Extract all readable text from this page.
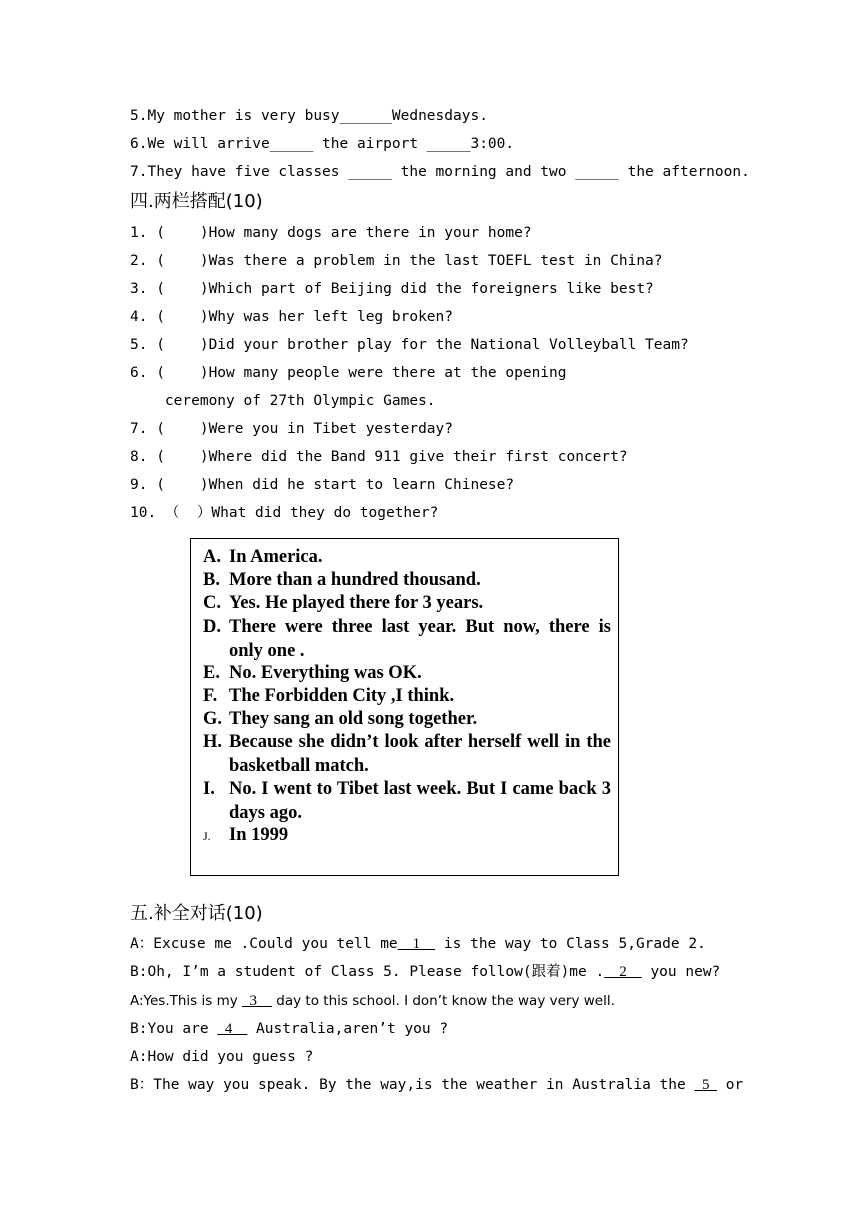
5.My mother is very busy______Wednesdays.
6.We will arrive_____ the airport _____3:00.
7.They have five classes _____ the morning and two _____ the afternoon.
四.两栏搭配(10)
1. (    )How many dogs are there in your home?
2. (    )Was there a problem in the last TOEFL test in China?
3. (    )Which part of Beijing did the foreigners like best?
4. (    )Why was her left leg broken?
5. (    )Did your brother play for the National Volleyball Team?
6. (    )How many people were there at the opening
ceremony of 27th Olympic Games.
7. (    )Were you in Tibet yesterday?
8. (    )Where did the Band 911 give their first concert?
9. (    )When did he start to learn Chinese?
10. （  ）What did they do together?
A. In America.
B. More than a hundred thousand.
C. Yes. He played there for 3 years.
D. There were three last year. But now, there is only one .
E. No. Everything was OK.
F. The Forbidden City ,I think.
G. They sang an old song together.
H. Because she didn’t look after herself well in the basketball match.
I. No. I went to Tibet last week. But I came back 3 days ago.
J. In 1999
五.补全对话(10)
A：Excuse me .Could you tell me    1     is the way to Class 5,Grade 2.
B:Oh, I’m a student of Class 5. Please follow(跟着)me .    2     you new?
A:Yes.This is my   3     day to this school. I don’t know the way very well.
B:You are   4     Australia,aren’t you ?
A:How did you guess ?
B：The way you speak. By the way,is the weather in Australia the   5   or
